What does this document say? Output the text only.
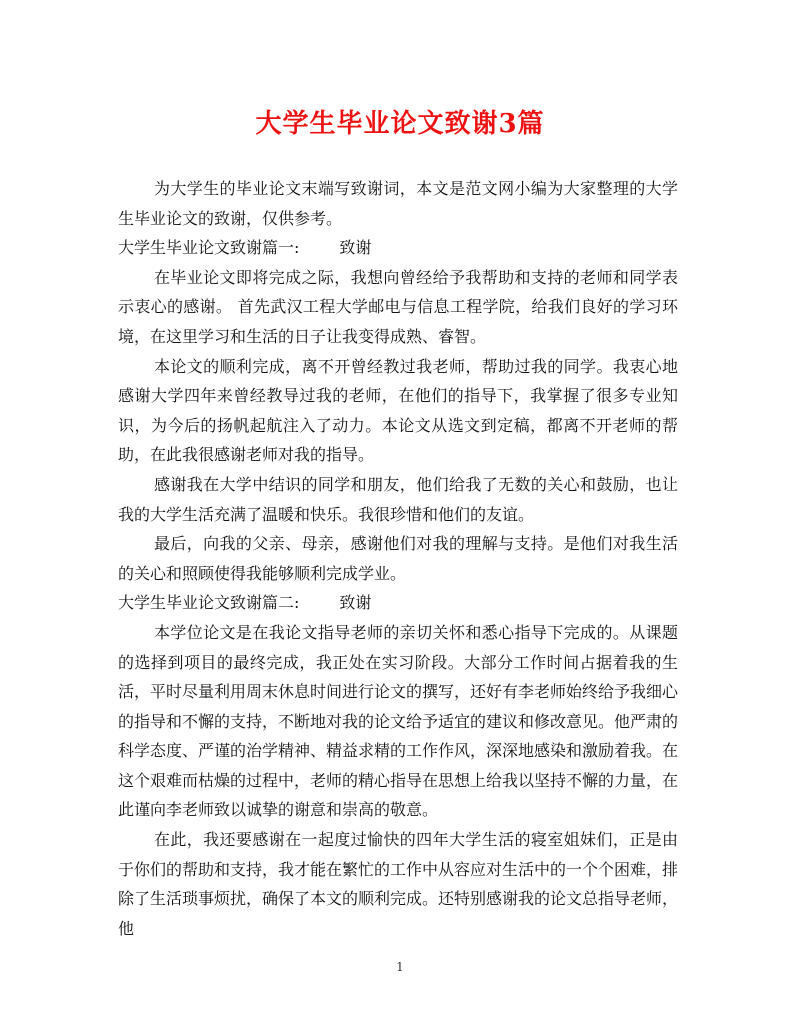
大学生毕业论文致谢3篇

为大学生的毕业论文末端写致谢词，本文是范文网小编为大家整理的大学生毕业论文的致谢，仅供参考。

大学生毕业论文致谢篇一:	致谢

在毕业论文即将完成之际，我想向曾经给予我帮助和支持的老师和同学表示衷心的感谢。 首先武汉工程大学邮电与信息工程学院，给我们良好的学习环境，在这里学习和生活的日子让我变得成熟、睿智。

本论文的顺利完成，离不开曾经教过我老师，帮助过我的同学。我衷心地感谢大学四年来曾经教导过我的老师，在他们的指导下，我掌握了很多专业知识，为今后的扬帆起航注入了动力。本论文从选文到定稿，都离不开老师的帮助，在此我很感谢老师对我的指导。

感谢我在大学中结识的同学和朋友，他们给我了无数的关心和鼓励，也让我的大学生活充满了温暖和快乐。我很珍惜和他们的友谊。

最后，向我的父亲、母亲，感谢他们对我的理解与支持。是他们对我生活的关心和照顾使得我能够顺利完成学业。

大学生毕业论文致谢篇二:	致谢

本学位论文是在我论文指导老师的亲切关怀和悉心指导下完成的。从课题的选择到项目的最终完成，我正处在实习阶段。大部分工作时间占据着我的生活，平时尽量利用周末休息时间进行论文的撰写，还好有李老师始终给予我细心的指导和不懈的支持，不断地对我的论文给予适宜的建议和修改意见。他严肃的科学态度、严谨的治学精神、精益求精的工作作风，深深地感染和激励着我。在这个艰难而枯燥的过程中，老师的精心指导在思想上给我以坚持不懈的力量，在此谨向李老师致以诚挚的谢意和崇高的敬意。

在此，我还要感谢在一起度过愉快的四年大学生活的寝室姐妹们，正是由于你们的帮助和支持，我才能在繁忙的工作中从容应对生活中的一个个困难，排除了生活琐事烦扰，确保了本文的顺利完成。还特别感谢我的论文总指导老师，他

1
